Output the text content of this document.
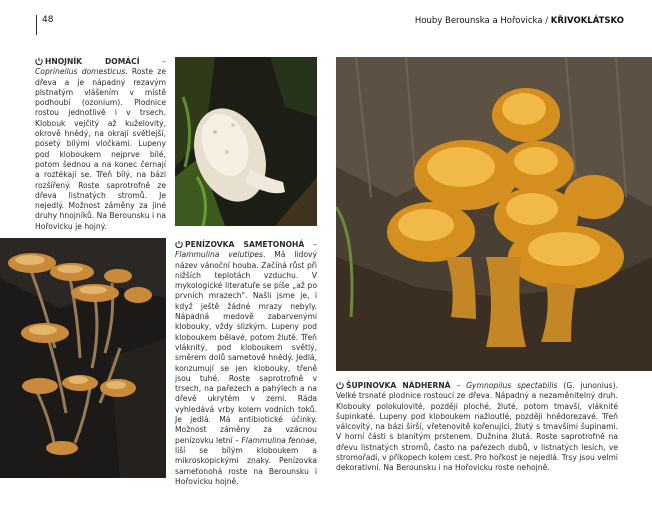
48	Houby Berounska a Hořovicka / KŘIVOKLÁTSKO
HNOJNÍK DOMÁCÍ – Coprinellus domesticus. Roste ze dřeva a je nápadný rezavým plstnatým vlášením v místě podhoubí (ozonium). Plodnice rostou jednotlivě i v trsech. Klobouk vejčitý až kuželovitý, okrově hnědý, na okraji světlejší, posetý bílými vločkami. Lupeny pod kloboukem nejprve bílé, potom šednou a na konec černají a roztékají se. Třeň bílý, na bázi rozšířený. Roste saprotrofně ze dřeva listnatých stromů. Je nejedlý. Možnost záměny za jiné druhy hnojníků. Na Berounsku i na Hořovicku je hojný.
PENÍZOVKA SAMETONOHÁ – Flammulina velutipes. Má lidový název vánoční houba. Začíná růst při nižších teplotách vzduchu. V mykologické literatuře se píše „až po prvních mrazech". Našli jsme je, i když ještě žádné mrazy nebyly. Nápadná medově zabarvenými klobouky, vždy slizkým. Lupeny pod kloboukem bělavé, potom žluté. Třeň vláknitý, pod kloboukem světlý, směrem dolů sametově hnědý. Jedlá, konzumují se jen klobouky, třeně jsou tuhé. Roste saprotrofně v trsech, na pařezech a pahýlech a na dřevě ukrytém v zemi. Ráda vyhledává vrby kolem vodních toků. Je jedlá. Má antibiotické účinky. Možnost záměny za vzácnou penízovku letní – Flammulina fennae, liší se bílým kloboukem a mikroskopickými znaky. Penízovka sametonohá roste na Berounsku i Hořovicku hojně.
ŠUPINOVKA NÁDHERNÁ – Gymnopilus spectabilis (G. junonius). Velké trsnaté plodnice rostoucí ze dřeva. Nápadný a nezaměnitelný druh. Klobouky polokulovité, později ploché, žluté, potom tmavší, vláknité šupinkaté. Lupeny pod kloboukem nažloutlé, později hnědorezavé. Třeň válcovitý, na bázi širší, vřetenovitě kořenující, žlutý s tmavšími šupinami. V horní části s blanitým prstenem. Dužnina žlutá. Roste saprotrofně na dřevu listnatých stromů, často na pařezech dubů, v listnatých lesích, ve stromořadí, v příkopech kolem cest. Pro hořkost je nejedlá. Trsy jsou velmi dekorativní. Na Berounsku i na Hořovicku roste nehojně.
